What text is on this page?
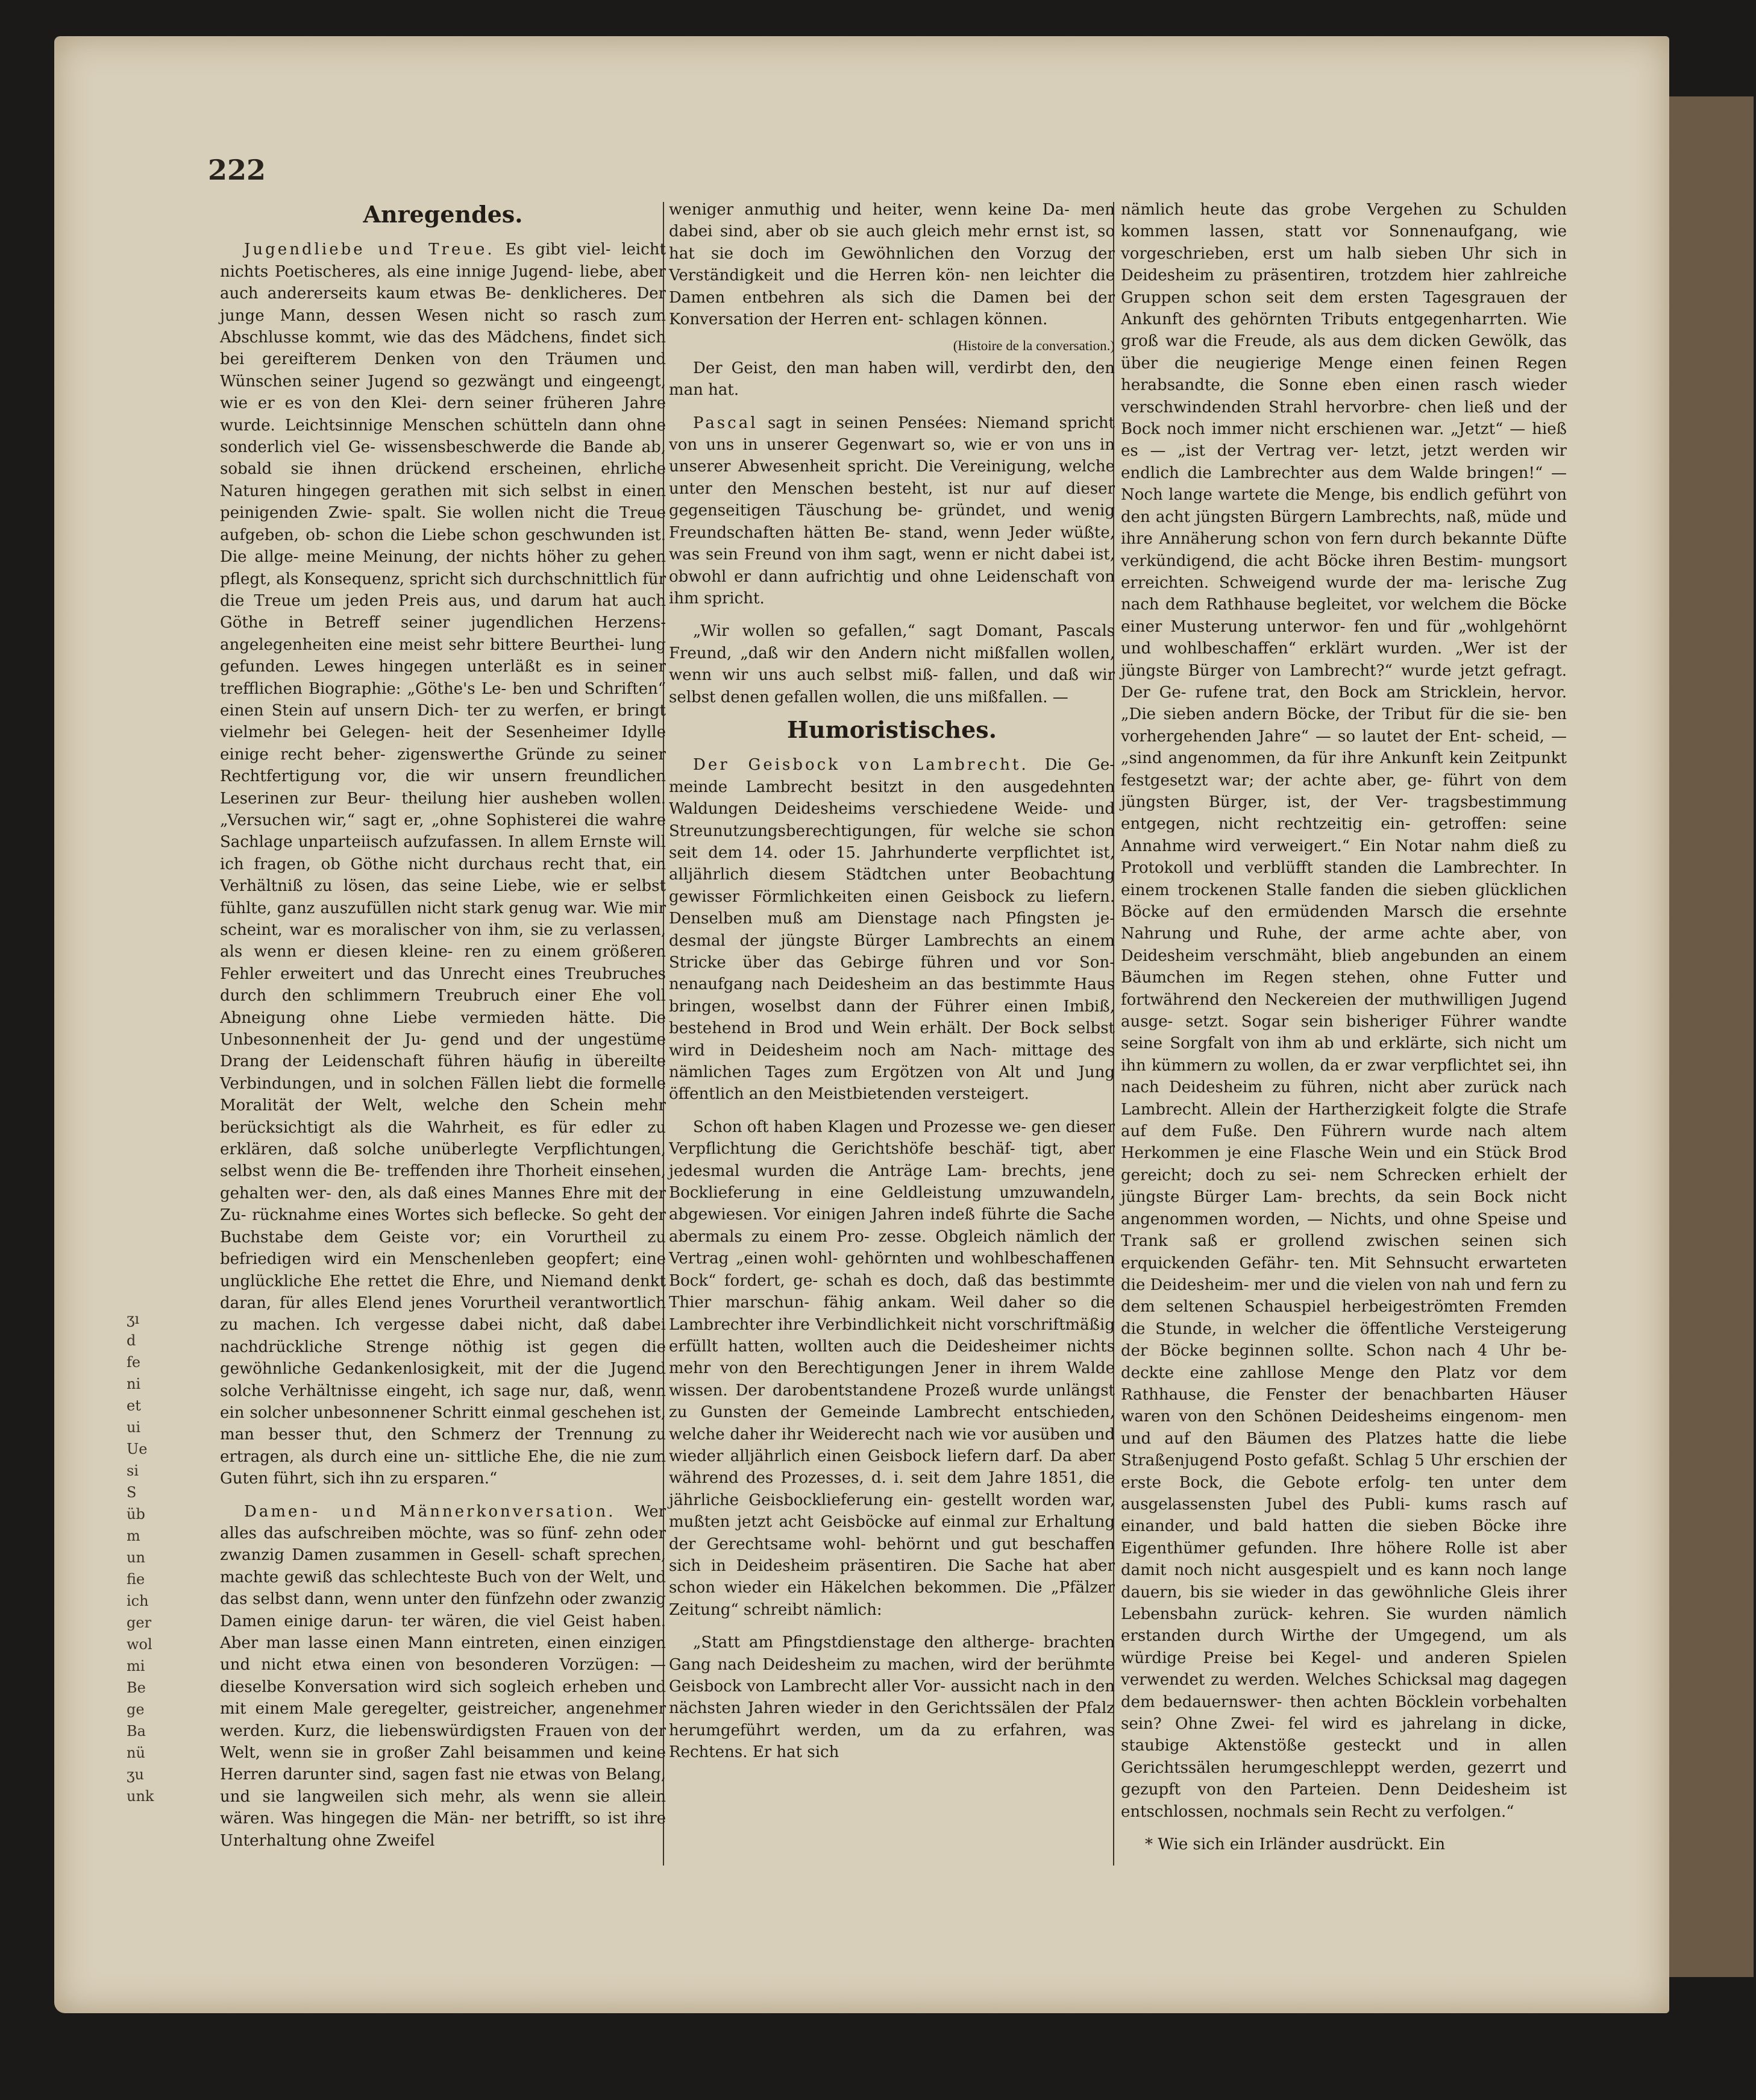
222
ʒı
d
fe
ni
et
ui
Ue
si
S
üb
m
un
fie
ich
ger
wol
mi
Be
ge
Ba
nü
ʒu
unk
Anregendes.

Jugendliebe und Treue. Es gibt viel- leicht nichts Poetischeres, als eine innige Jugend- liebe, aber auch andererseits kaum etwas Be- denklicheres. Der junge Mann, dessen Wesen nicht so rasch zum Abschlusse kommt, wie das des Mädchens, findet sich bei gereifterem Denken von den Träumen und Wünschen seiner Jugend so gezwängt und eingeengt, wie er es von den Klei- dern seiner früheren Jahre wurde. Leichtsinnige Menschen schütteln dann ohne sonderlich viel Ge- wissensbeschwerde die Bande ab, sobald sie ihnen drückend erscheinen, ehrliche Naturen hingegen gerathen mit sich selbst in einen peinigenden Zwie- spalt. Sie wollen nicht die Treue aufgeben, ob- schon die Liebe schon geschwunden ist. Die allge- meine Meinung, der nichts höher zu gehen pflegt, als Konsequenz, spricht sich durchschnittlich für die Treue um jeden Preis aus, und darum hat auch Göthe in Betreff seiner jugendlichen Herzens- angelegenheiten eine meist sehr bittere Beurthei- lung gefunden. Lewes hingegen unterläßt es in seiner trefflichen Biographie: „Göthe's Le- ben und Schriften“ einen Stein auf unsern Dich- ter zu werfen, er bringt vielmehr bei Gelegen- heit der Sesenheimer Idylle einige recht beher- zigenswerthe Gründe zu seiner Rechtfertigung vor, die wir unsern freundlichen Leserinen zur Beur- theilung hier ausheben wollen. „Versuchen wir,“ sagt er, „ohne Sophisterei die wahre Sachlage unparteiisch aufzufassen. In allem Ernste will ich fragen, ob Göthe nicht durchaus recht that, ein Verhältniß zu lösen, das seine Liebe, wie er selbst fühlte, ganz auszufüllen nicht stark genug war. Wie mir scheint, war es moralischer von ihm, sie zu verlassen, als wenn er diesen kleine- ren zu einem größeren Fehler erweitert und das Unrecht eines Treubruches durch den schlimmern Treubruch einer Ehe voll Abneigung ohne Liebe vermieden hätte. Die Unbesonnenheit der Ju- gend und der ungestüme Drang der Leidenschaft führen häufig in übereilte Verbindungen, und in solchen Fällen liebt die formelle Moralität der Welt, welche den Schein mehr berücksichtigt als die Wahrheit, es für edler zu erklären, daß solche unüberlegte Verpflichtungen, selbst wenn die Be- treffenden ihre Thorheit einsehen, gehalten wer- den, als daß eines Mannes Ehre mit der Zu- rücknahme eines Wortes sich beflecke. So geht der Buchstabe dem Geiste vor; ein Vorurtheil zu befriedigen wird ein Menschenleben geopfert; eine unglückliche Ehe rettet die Ehre, und Niemand denkt daran, für alles Elend jenes Vorurtheil verantwortlich zu machen. Ich vergesse dabei nicht, daß dabei nachdrückliche Strenge nöthig ist gegen die gewöhnliche Gedankenlosigkeit, mit der die Jugend solche Verhältnisse eingeht, ich sage nur, daß, wenn ein solcher unbesonnener Schritt einmal geschehen ist, man besser thut, den Schmerz der Trennung zu ertragen, als durch eine un- sittliche Ehe, die nie zum Guten führt, sich ihn zu ersparen.“

Damen- und Männerkonversation. Wer alles das aufschreiben möchte, was so fünf- zehn oder zwanzig Damen zusammen in Gesell- schaft sprechen, machte gewiß das schlechteste Buch von der Welt, und das selbst dann, wenn unter den fünfzehn oder zwanzig Damen einige darun- ter wären, die viel Geist haben. Aber man lasse einen Mann eintreten, einen einzigen und nicht etwa einen von besonderen Vorzügen: — dieselbe Konversation wird sich sogleich erheben und mit einem Male geregelter, geistreicher, angenehmer werden. Kurz, die liebenswürdigsten Frauen von der Welt, wenn sie in großer Zahl beisammen und keine Herren darunter sind, sagen fast nie etwas von Belang, und sie langweilen sich mehr, als wenn sie allein wären. Was hingegen die Män- ner betrifft, so ist ihre Unterhaltung ohne Zweifel

weniger anmuthig und heiter, wenn keine Da- men dabei sind, aber ob sie auch gleich mehr ernst ist, so hat sie doch im Gewöhnlichen den Vorzug der Verständigkeit und die Herren kön- nen leichter die Damen entbehren als sich die Damen bei der Konversation der Herren ent- schlagen können.

(Histoire de la conversation.)

Der Geist, den man haben will, verdirbt den, den man hat.

Pascal sagt in seinen Pensées: Niemand spricht von uns in unserer Gegenwart so, wie er von uns in unserer Abwesenheit spricht. Die Vereinigung, welche unter den Menschen besteht, ist nur auf dieser gegenseitigen Täuschung be- gründet, und wenig Freundschaften hätten Be- stand, wenn Jeder wüßte, was sein Freund von ihm sagt, wenn er nicht dabei ist, obwohl er dann aufrichtig und ohne Leidenschaft von ihm spricht.

„Wir wollen so gefallen,“ sagt Domant, Pascals Freund, „daß wir den Andern nicht mißfallen wollen, wenn wir uns auch selbst miß- fallen, und daß wir selbst denen gefallen wollen, die uns mißfallen. —

Humoristisches.

Der Geisbock von Lambrecht. Die Ge- meinde Lambrecht besitzt in den ausgedehnten Waldungen Deidesheims verschiedene Weide- und Streunutzungsberechtigungen, für welche sie schon seit dem 14. oder 15. Jahrhunderte verpflichtet ist, alljährlich diesem Städtchen unter Beobachtung gewisser Förmlichkeiten einen Geisbock zu liefern. Denselben muß am Dienstage nach Pfingsten je- desmal der jüngste Bürger Lambrechts an einem Stricke über das Gebirge führen und vor Son- nenaufgang nach Deidesheim an das bestimmte Haus bringen, woselbst dann der Führer einen Imbiß, bestehend in Brod und Wein erhält. Der Bock selbst wird in Deidesheim noch am Nach- mittage des nämlichen Tages zum Ergötzen von Alt und Jung öffentlich an den Meistbietenden versteigert.

Schon oft haben Klagen und Prozesse we- gen dieser Verpflichtung die Gerichtshöfe beschäf- tigt, aber jedesmal wurden die Anträge Lam- brechts, jene Bocklieferung in eine Geldleistung umzuwandeln, abgewiesen. Vor einigen Jahren indeß führte die Sache abermals zu einem Pro- zesse. Obgleich nämlich der Vertrag „einen wohl- gehörnten und wohlbeschaffenen Bock“ fordert, ge- schah es doch, daß das bestimmte Thier marschun- fähig ankam. Weil daher so die Lambrechter ihre Verbindlichkeit nicht vorschriftmäßig erfüllt hatten, wollten auch die Deidesheimer nichts mehr von den Berechtigungen Jener in ihrem Walde wissen. Der darobentstandene Prozeß wurde unlängst zu Gunsten der Gemeinde Lambrecht entschieden, welche daher ihr Weiderecht nach wie vor ausüben und wieder alljährlich einen Geisbock liefern darf. Da aber während des Prozesses, d. i. seit dem Jahre 1851, die jährliche Geisbocklieferung ein- gestellt worden war, mußten jetzt acht Geisböcke auf einmal zur Erhaltung der Gerechtsame wohl- behörnt und gut beschaffen sich in Deidesheim präsentiren. Die Sache hat aber schon wieder ein Häkelchen bekommen. Die „Pfälzer Zeitung“ schreibt nämlich:

„Statt am Pfingstdienstage den altherge- brachten Gang nach Deidesheim zu machen, wird der berühmte Geisbock von Lambrecht aller Vor- aussicht nach in den nächsten Jahren wieder in den Gerichtssälen der Pfalz herumgeführt werden, um da zu erfahren, was Rechtens. Er hat sich

nämlich heute das grobe Vergehen zu Schulden kommen lassen, statt vor Sonnenaufgang, wie vorgeschrieben, erst um halb sieben Uhr sich in Deidesheim zu präsentiren, trotzdem hier zahlreiche Gruppen schon seit dem ersten Tagesgrauen der Ankunft des gehörnten Tributs entgegenharrten. Wie groß war die Freude, als aus dem dicken Gewölk, das über die neugierige Menge einen feinen Regen herabsandte, die Sonne eben einen rasch wieder verschwindenden Strahl hervorbre- chen ließ und der Bock noch immer nicht erschienen war. „Jetzt“ — hieß es — „ist der Vertrag ver- letzt, jetzt werden wir endlich die Lambrechter aus dem Walde bringen!“ — Noch lange wartete die Menge, bis endlich geführt von den acht jüngsten Bürgern Lambrechts, naß, müde und ihre Annäherung schon von fern durch bekannte Düfte verkündigend, die acht Böcke ihren Bestim- mungsort erreichten. Schweigend wurde der ma- lerische Zug nach dem Rathhause begleitet, vor welchem die Böcke einer Musterung unterwor- fen und für „wohlgehörnt und wohlbeschaffen“ erklärt wurden. „Wer ist der jüngste Bürger von Lambrecht?“ wurde jetzt gefragt. Der Ge- rufene trat, den Bock am Stricklein, hervor. „Die sieben andern Böcke, der Tribut für die sie- ben vorhergehenden Jahre“ — so lautet der Ent- scheid, — „sind angenommen, da für ihre Ankunft kein Zeitpunkt festgesetzt war; der achte aber, ge- führt von dem jüngsten Bürger, ist, der Ver- tragsbestimmung entgegen, nicht rechtzeitig ein- getroffen: seine Annahme wird verweigert.“ Ein Notar nahm dieß zu Protokoll und verblüfft standen die Lambrechter. In einem trockenen Stalle fanden die sieben glücklichen Böcke auf den ermüdenden Marsch die ersehnte Nahrung und Ruhe, der arme achte aber, von Deidesheim verschmäht, blieb angebunden an einem Bäumchen im Regen stehen, ohne Futter und fortwährend den Neckereien der muthwilligen Jugend ausge- setzt. Sogar sein bisheriger Führer wandte seine Sorgfalt von ihm ab und erklärte, sich nicht um ihn kümmern zu wollen, da er zwar verpflichtet sei, ihn nach Deidesheim zu führen, nicht aber zurück nach Lambrecht. Allein der Hartherzigkeit folgte die Strafe auf dem Fuße. Den Führern wurde nach altem Herkommen je eine Flasche Wein und ein Stück Brod gereicht; doch zu sei- nem Schrecken erhielt der jüngste Bürger Lam- brechts, da sein Bock nicht angenommen worden, — Nichts, und ohne Speise und Trank saß er grollend zwischen seinen sich erquickenden Gefähr- ten. Mit Sehnsucht erwarteten die Deidesheim- mer und die vielen von nah und fern zu dem seltenen Schauspiel herbeigeströmten Fremden die Stunde, in welcher die öffentliche Versteigerung der Böcke beginnen sollte. Schon nach 4 Uhr be- deckte eine zahllose Menge den Platz vor dem Rathhause, die Fenster der benachbarten Häuser waren von den Schönen Deidesheims eingenom- men und auf den Bäumen des Platzes hatte die liebe Straßenjugend Posto gefaßt. Schlag 5 Uhr erschien der erste Bock, die Gebote erfolg- ten unter dem ausgelassensten Jubel des Publi- kums rasch auf einander, und bald hatten die sieben Böcke ihre Eigenthümer gefunden. Ihre höhere Rolle ist aber damit noch nicht ausgespielt und es kann noch lange dauern, bis sie wieder in das gewöhnliche Gleis ihrer Lebensbahn zurück- kehren. Sie wurden nämlich erstanden durch Wirthe der Umgegend, um als würdige Preise bei Kegel- und anderen Spielen verwendet zu werden. Welches Schicksal mag dagegen dem bedauernswer- then achten Böcklein vorbehalten sein? Ohne Zwei- fel wird es jahrelang in dicke, staubige Aktenstöße gesteckt und in allen Gerichtssälen herumgeschleppt werden, gezerrt und gezupft von den Parteien. Denn Deidesheim ist entschlossen, nochmals sein Recht zu verfolgen.“

* Wie sich ein Irländer ausdrückt. Ein
